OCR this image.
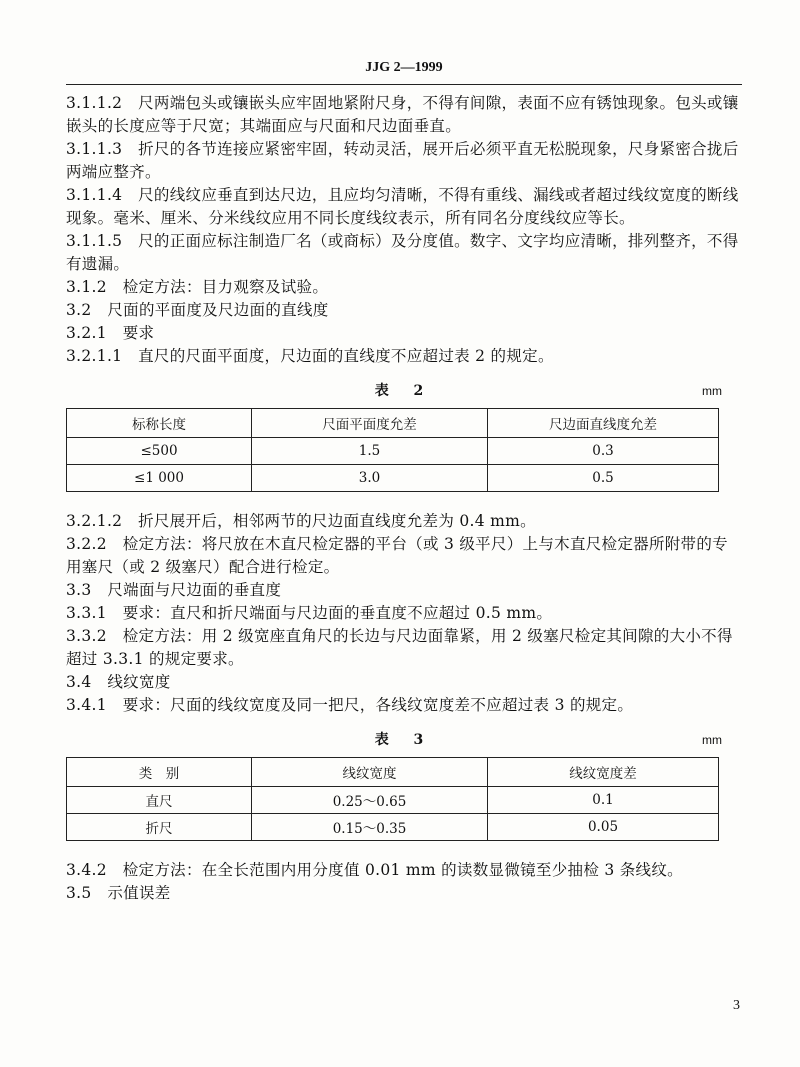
JJG 2—1999

3.1.1.2　尺两端包头或镶嵌头应牢固地紧附尺身，不得有间隙，表面不应有锈蚀现象。包头或镶嵌头的长度应等于尺宽；其端面应与尺面和尺边面垂直。

3.1.1.3　折尺的各节连接应紧密牢固，转动灵活，展开后必须平直无松脱现象，尺身紧密合拢后两端应整齐。

3.1.1.4　尺的线纹应垂直到达尺边，且应均匀清晰，不得有重线、漏线或者超过线纹宽度的断线现象。毫米、厘米、分米线纹应用不同长度线纹表示，所有同名分度线纹应等长。

3.1.1.5　尺的正面应标注制造厂名（或商标）及分度值。数字、文字均应清晰，排列整齐，不得有遗漏。

3.1.2　检定方法：目力观察及试验。

3.2　尺面的平面度及尺边面的直线度

3.2.1　要求

3.2.1.1　直尺的尺面平面度，尺边面的直线度不应超过表 2 的规定。

表 2	mm
标称长度	尺面平面度允差	尺边面直线度允差
≤500	1.5	0.3
≤1 000	3.0	0.5

3.2.1.2　折尺展开后，相邻两节的尺边面直线度允差为 0.4 mm。

3.2.2　检定方法：将尺放在木直尺检定器的平台（或 3 级平尺）上与木直尺检定器所附带的专用塞尺（或 2 级塞尺）配合进行检定。

3.3　尺端面与尺边面的垂直度

3.3.1　要求：直尺和折尺端面与尺边面的垂直度不应超过 0.5 mm。

3.3.2　检定方法：用 2 级宽座直角尺的长边与尺边面靠紧，用 2 级塞尺检定其间隙的大小不得超过 3.3.1 的规定要求。

3.4　线纹宽度

3.4.1　要求：尺面的线纹宽度及同一把尺，各线纹宽度差不应超过表 3 的规定。

表 3	mm
类　别	线纹宽度	线纹宽度差
直尺	0.25～0.65	0.1
折尺	0.15～0.35	0.05

3.4.2　检定方法：在全长范围内用分度值 0.01 mm 的读数显微镜至少抽检 3 条线纹。

3.5　示值误差

3
